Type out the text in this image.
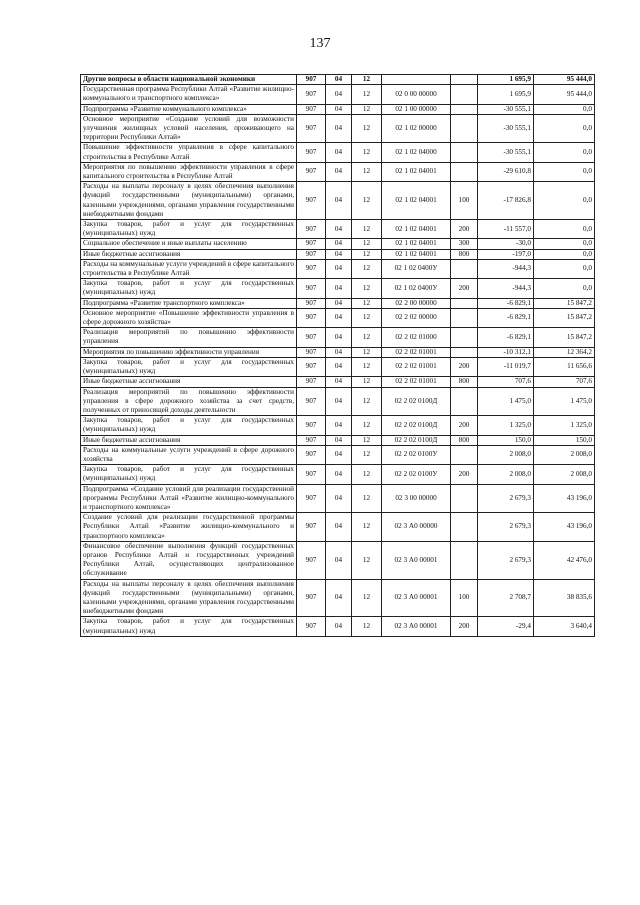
137
Другие вопросы в области национальной экономики	907	04	12			1 695,9	95 444,0
Государственная программа Республики Алтай «Развитие жилищно-коммунального и транспортного комплекса»	907	04	12	02 0 00 00000		1 695,9	95 444,0
Подпрограмма «Развитие коммунального комплекса»	907	04	12	02 1 00 00000		-30 555,1	0,0
Основное мероприятие «Создание условий для возможности улучшения жилищных условий населения, проживающего на территории Республики Алтай»	907	04	12	02 1 02 00000		-30 555,1	0,0
Повышение эффективности управления в сфере капитального строительства в Республике Алтай	907	04	12	02 1 02 04000		-30 555,1	0,0
Мероприятия по повышению эффективности управления в сфере капитального строительства в Республике Алтай	907	04	12	02 1 02 04001		-29 610,8	0,0
Расходы на выплаты персоналу в целях обеспечения выполнения функций государственными (муниципальными) органами, казенными учреждениями, органами управления государственными внебюджетными фондами	907	04	12	02 1 02 04001	100	-17 826,8	0,0
Закупка товаров, работ и услуг для государственных (муниципальных) нужд	907	04	12	02 1 02 04001	200	-11 557,0	0,0
Социальное обеспечение и иные выплаты населению	907	04	12	02 1 02 04001	300	-30,0	0,0
Иные бюджетные ассигнования	907	04	12	02 1 02 04001	800	-197,0	0,0
Расходы на коммунальные услуги учреждений в сфере капитального строительства в Республике Алтай	907	04	12	02 1 02 0400У		-944,3	0,0
Закупка товаров, работ и услуг для государственных (муниципальных) нужд	907	04	12	02 1 02 0400У	200	-944,3	0,0
Подпрограмма «Развитие транспортного комплекса»	907	04	12	02 2 00 00000		-6 829,1	15 847,2
Основное мероприятие «Повышение эффективности управления в сфере дорожного хозяйства»	907	04	12	02 2 02 00000		-6 829,1	15 847,2
Реализация мероприятий по повышению эффективности управления	907	04	12	02 2 02 01000		-6 829,1	15 847,2
Мероприятия по повышению эффективности управления	907	04	12	02 2 02 01001		-10 312,1	12 364,2
Закупка товаров, работ и услуг для государственных (муниципальных) нужд	907	04	12	02 2 02 01001	200	-11 019,7	11 656,6
Иные бюджетные ассигнования	907	04	12	02 2 02 01001	800	707,6	707,6
Реализация мероприятий по повышению эффективности управления в сфере дорожного хозяйства за счет средств, полученных от приносящей доходы деятельности	907	04	12	02 2 02 0100Д		1 475,0	1 475,0
Закупка товаров, работ и услуг для государственных (муниципальных) нужд	907	04	12	02 2 02 0100Д	200	1 325,0	1 325,0
Иные бюджетные ассигнования	907	04	12	02 2 02 0100Д	800	150,0	150,0
Расходы на коммунальные услуги учреждений в сфере дорожного хозяйства	907	04	12	02 2 02 0100У		2 008,0	2 008,0
Закупка товаров, работ и услуг для государственных (муниципальных) нужд	907	04	12	02 2 02 0100У	200	2 008,0	2 008,0
Подпрограмма «Создание условий для реализации государственной программы Республики Алтай «Развитие жилищно-коммунального и транспортного комплекса»	907	04	12	02 3 00 00000		2 679,3	43 196,0
Создание условий для реализации государственной программы Республики Алтай «Развитие жилищно-коммунального и транспортного комплекса»	907	04	12	02 3 А0 00000		2 679,3	43 196,0
Финансовое обеспечение выполнения функций государственных органов Республики Алтай и государственных учреждений Республики Алтай, осуществляющих централизованное обслуживание	907	04	12	02 3 А0 00001		2 679,3	42 476,0
Расходы на выплаты персоналу в целях обеспечения выполнения функций государственными (муниципальными) органами, казенными учреждениями, органами управления государственными внебюджетными фондами	907	04	12	02 3 А0 00001	100	2 708,7	38 835,6
Закупка товаров, работ и услуг для государственных (муниципальных) нужд	907	04	12	02 3 А0 00001	200	-29,4	3 640,4
